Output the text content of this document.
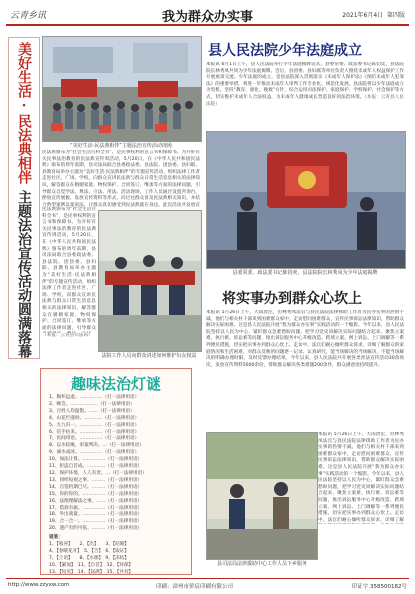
云青乡讯	我为群众办实事	2021年6月4日 第四版
美好生活·民法典相伴
主题法治宣传活动圆满落幕
县人民法院少年法庭成立
本报讯 6月1日上午，县人民法院举行少年法庭揭牌仪式，县委常委、政法委书记陈钧奕，县法院院长林秀凤共同为少年法庭揭牌。会后，县团委、县妇联等单位负责人围绕未成年人权益保护工作开展座谈交流。少年法庭的成立，是县法院深入贯彻落实《未成年人保护法》《预防未成年人犯罪法》的重要举措，将进一步推动未成年人审判工作专业化、规范化发展。县法院将以少年法庭成立为契机，坚持“教育、感化、挽救”方针，综合运用司法保护、家庭保护、学校保护、社会保护等方式，切实维护未成年人合法权益，为未成年人健康成长营造良好的法治环境。（本报：云青县人民法院）
“美好生活·民法典相伴”主题法治宣传活动现场
县委常委、政法委书记陈钧奕、县法院院长林秀凤为少年法庭揭牌
民法典颁布为“社会生活百科全书”，是民事权利的宣言书和保障书。为开好有关民事法治教育的民法典宣传周活动，5月20日，在《中华人民共和国民法典》颁布的周年前期，县司法局联合县委政法委、县法院、团县委、县妇联、县教育局举办主题为“美好生活·民法典相伴”的专题宣传活动，组织法律工作者走进社区、广场、学校，向群众宣讲民法典与群众日常生活息息相关的法律知识，解答群众在婚姻家庭、物权保护、合同签订、继承等方面的法律问题，引导群众自觉学法、尊法、守法、用法。活动现场，工作人员通过设置咨询台、摆放宣传展板、发放宣传资料等形式，向过往群众普及民法典相关知识，并结合典型案例以案说法，让群众真切感受到民法典就在身边。此次活动共发放宣
民法典颁布为“社会生活百科全书”，是民事权利的宣言书和保障书。为开好有关民事法治教育的民法典宣传周活动，5月20日，在《中华人民共和国民法典》颁布的周年前期，县司法局联合县委政法委、县法院、团县委、县妇联、县教育局举办主题为“美好生活·民法典相伴”的专题宣传活动，组织法律工作者走进社区、广场、学校，向群众宣讲民法典与群众日常生活息息相关的法律知识，解答群众在婚姻家庭、物权保护、合同签订、继承等方面的法律问题，引导群众
（本报：云青县司法局）
法院工作人员向群众讲述如何维护妇女权益
将实事办到群众心坎上
本报讯 5月26日上午，大雨滂沱，但林秀凤法官与县民法院法律援助工作者为民办实事的热情不减。他们与相关村干部来到困难群众家中，走访慰问困难群众，宣传民事诉讼法律知识，帮助群众解决实际困难。这是县人民法院开展“我为群众办实事”实践活动的一个缩影。今年以来，县人民法院坚持以人民为中心，紧盯群众急难愁盼问题，把学习党史同解决实际问题结合起来，聚焦立案难、执行难、诉讼难等问题，推出诉讼服务中心升级改造、跨域立案、网上诉讼、上门调解等一系列便民措施，切实把实事办到群众心坎上。走访中，法官们耐心倾听群众诉求，详细了解群众的家庭情况和生活困难，对群众反映的问题逐一记录、认真研究，能当场解决的当场解决，不能当场解决的明确办理时限，及时反馈办理结果。今年以来，县人民法院共开展各类普法宣传活动30余场次，发放宣传资料5000余份，帮助群众解决各类难题200余件，群众满意度持续提升。
本报讯 5月26日上午，大雨滂沱，但林秀凤法官与县民法院法律援助工作者为民办实事的热情不减。他们与相关村干部来到困难群众家中，走访慰问困难群众，宣传民事诉讼法律知识，帮助群众解决实际困难。这是县人民法院开展“我为群众办实事”实践活动的一个缩影。今年以来，县人民法院坚持以人民为中心，紧盯群众急难愁盼问题，把学习党史同解决实际问题结合起来，聚焦立案难、执行难、诉讼难等问题，推出诉讼服务中心升级改造、跨域立案、网上诉讼、上门调解等一系列便民措施，切实把实事办到群众心坎上。走访中，法官们耐心倾听群众诉求，详细了解
县司法局法律援助中心工作人员下乡服务
趣味法治灯谜
1、胸怀远虑。……………（打一法律用语）
2、蜂会。………………（打一法律用语）
3、百姓人均温饱。……（打一法律用语）
4、山花烂漫时。…………（打一法律用语）
5、九九归一。……………（打一法律用语）
6、信手拈来。……………（打一法律用语）
7、民间用语。……………（打一法律用语）
8、以水结缘，审案判决。…（打一法律用语）
9、滴水成冰。……………（打一法律用语）
10、加法计算。……………（打一法律用语）
11、拒盗自首成。…………（打一法律用语）
12、保护环境，人人有责。…（打一法律用语）
13、同样短视之事。………（打一法律用语）
14、自签约期已尽。………（打一法律用语）
15、你的你的。……………（打一法律用语）
16、法理理解法之事。……（打一法律用语）
17、借款有据。……………（打一法律用语）
18、外出商量。……………（打一法律用语）
19、合一合一。……………（打一法律用语）
20、遗产有约可依。………（打一法律用语）
谜底：
1、【收养】　　2、【出】　　3、【结婚】
4、【春暖花开】　5、【合】　6、【取证】
7、【土语】　　8、【水源】　9、【冻结】
10、【累加】　11、【自首】　12、【环保】
13、【短见】　14、【届满】　15、【共有】
http://www.zzyxw.com	印刷：漳州市侨宸印刷有限公司	印证字 358500182号
